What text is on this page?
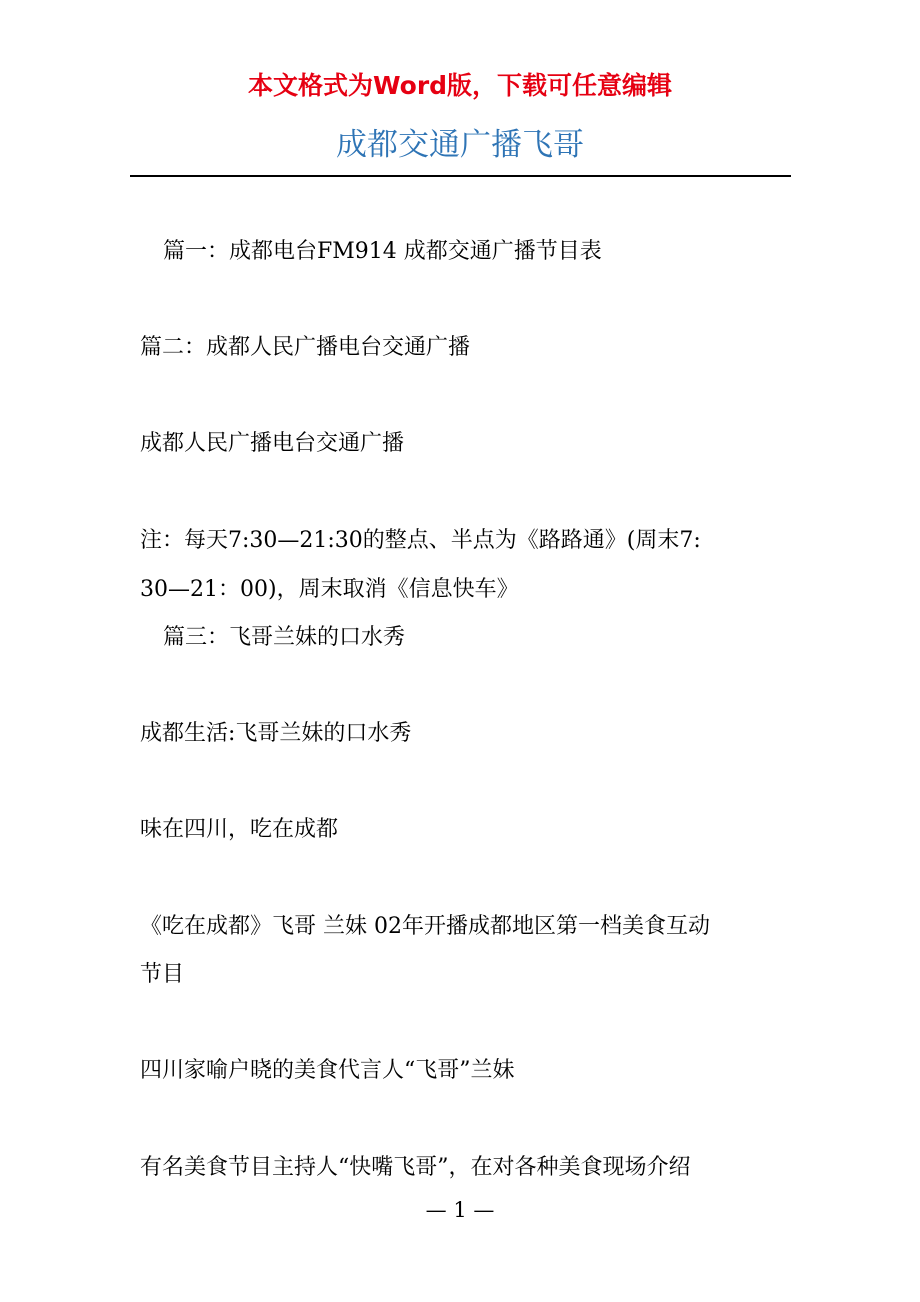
本文格式为Word版，下载可任意编辑
成都交通广播飞哥
篇一：成都电台FM914 成都交通广播节目表
篇二：成都人民广播电台交通广播
成都人民广播电台交通广播
注：每天7:30—21:30的整点、半点为《路路通》(周末7:
30—21：00)，周末取消《信息快车》
篇三：飞哥兰妹的口水秀
成都生活:飞哥兰妹的口水秀
味在四川，吃在成都
《吃在成都》飞哥 兰妹 02年开播成都地区第一档美食互动
节目
四川家喻户晓的美食代言人“飞哥”兰妹
有名美食节目主持人“快嘴飞哥”，在对各种美食现场介绍
— 1 —
